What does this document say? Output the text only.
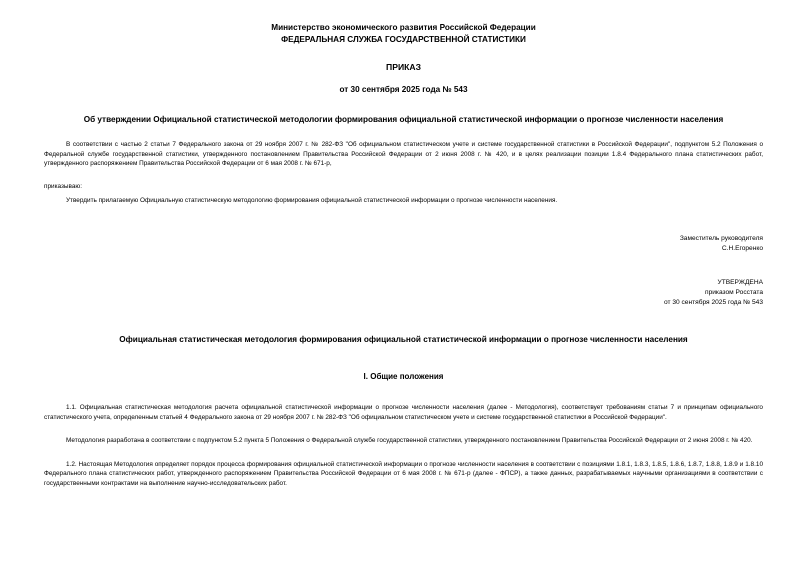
Министерство экономического развития Российской Федерации
ФЕДЕРАЛЬНАЯ СЛУЖБА ГОСУДАРСТВЕННОЙ СТАТИСТИКИ
ПРИКАЗ
от 30 сентября 2025 года № 543
Об утверждении Официальной статистической методологии формирования официальной статистической информации о прогнозе численности населения
В соответствии с частью 2 статьи 7 Федерального закона от 29 ноября 2007 г. № 282-ФЗ "Об официальном статистическом учете и системе государственной статистики в Российской Федерации", подпунктом 5.2 Положения о Федеральной службе государственной статистики, утвержденного постановлением Правительства Российской Федерации от 2 июня 2008 г. № 420, и в целях реализации позиции 1.8.4 Федерального плана статистических работ, утвержденного распоряжением Правительства Российской Федерации от 6 мая 2008 г. № 671-р,
приказываю:
Утвердить прилагаемую Официальную статистическую методологию формирования официальной статистической информации о прогнозе численности населения.
Заместитель руководителя
С.Н.Егоренко
УТВЕРЖДЕНА
приказом Росстата
от 30 сентября 2025 года № 543
Официальная статистическая методология формирования официальной статистической информации о прогнозе численности населения
I. Общие положения
1.1. Официальная статистическая методология расчета официальной статистической информации о прогнозе численности населения (далее - Методология), соответствует требованиям статьи 7 и принципам официального статистического учета, определенным статьей 4 Федерального закона от 29 ноября 2007 г. № 282-ФЗ "Об официальном статистическом учете и системе государственной статистики в Российской Федерации".
Методология разработана в соответствии с подпунктом 5.2 пункта 5 Положения о Федеральной службе государственной статистики, утвержденного постановлением Правительства Российской Федерации от 2 июня 2008 г. № 420.
1.2. Настоящая Методология определяет порядок процесса формирования официальной статистической информации о прогнозе численности населения в соответствии с позициями 1.8.1, 1.8.3, 1.8.5, 1.8.6, 1.8.7, 1.8.8, 1.8.9 и 1.8.10 Федерального плана статистических работ, утвержденного распоряжением Правительства Российской Федерации от 6 мая 2008 г. № 671-р (далее - ФПСР), а также данных, разрабатываемых научными организациями в соответствии с государственными контрактами на выполнение научно-исследовательских работ.
